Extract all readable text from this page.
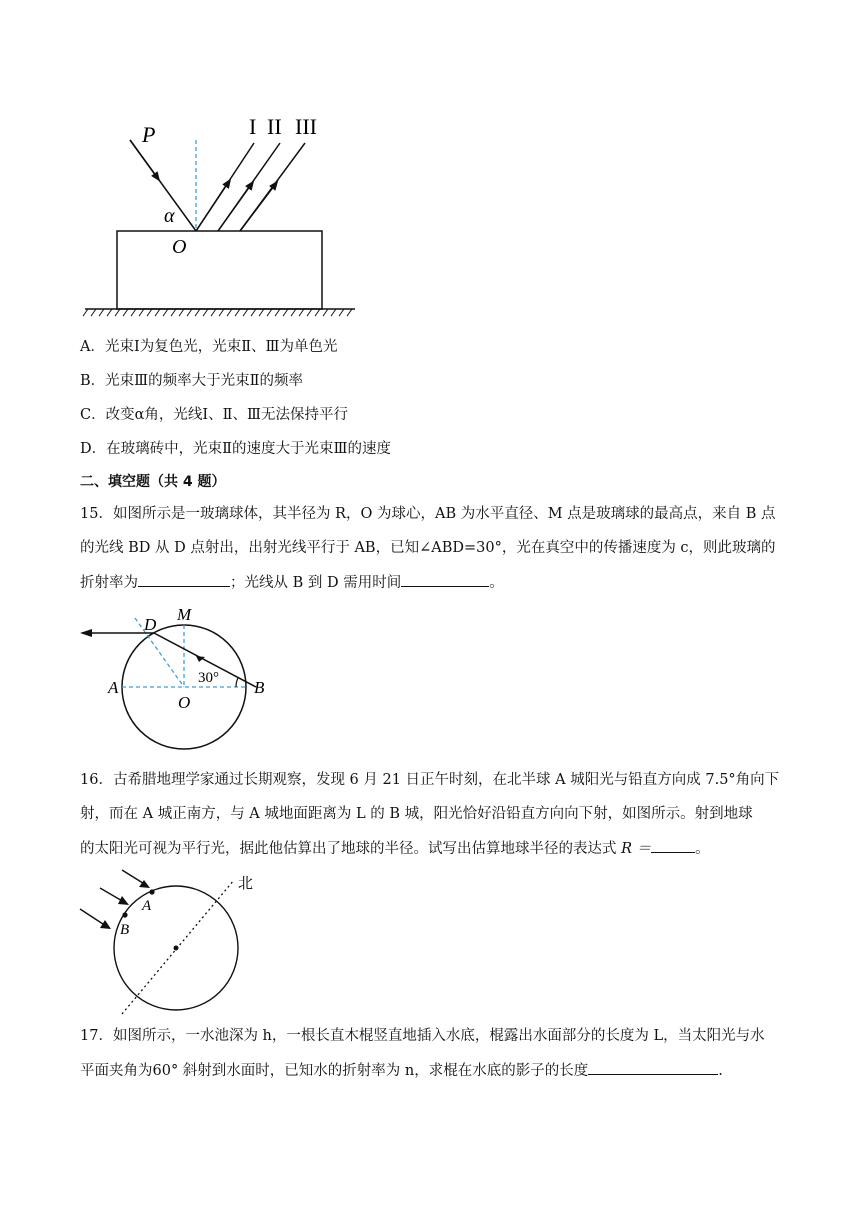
P
α
O
I II III
A．光束Ⅰ为复色光，光束Ⅱ、Ⅲ为单色光
B．光束Ⅲ的频率大于光束Ⅱ的频率
C．改变α角，光线Ⅰ、Ⅱ、Ⅲ无法保持平行
D．在玻璃砖中，光束Ⅱ的速度大于光束Ⅲ的速度
二、填空题（共 4 题）
15．如图所示是一玻璃球体，其半径为 R，O 为球心，AB 为水平直径、M 点是玻璃球的最高点，来自 B 点
的光线 BD 从 D 点射出，出射光线平行于 AB，已知∠ABD=30°，光在真空中的传播速度为 c，则此玻璃的
折射率为	；光线从 B 到 D 需用时间	。
D
M
A
O
B
30°
16．古希腊地理学家通过长期观察，发现 6 月 21 日正午时刻，在北半球 A 城阳光与铅直方向成 7.5°角向下
射，而在 A 城正南方，与 A 城地面距离为 L 的 B 城，阳光恰好沿铅直方向向下射，如图所示。射到地球
的太阳光可视为平行光，据此他估算出了地球的半径。试写出估算地球半径的表达式 R ＝	。
北
A
B
17．如图所示，一水池深为 h，一根长直木棍竖直地插入水底，棍露出水面部分的长度为 L，当太阳光与水
平面夹角为60° 斜射到水面时，已知水的折射率为 n，求棍在水底的影子的长度	.
